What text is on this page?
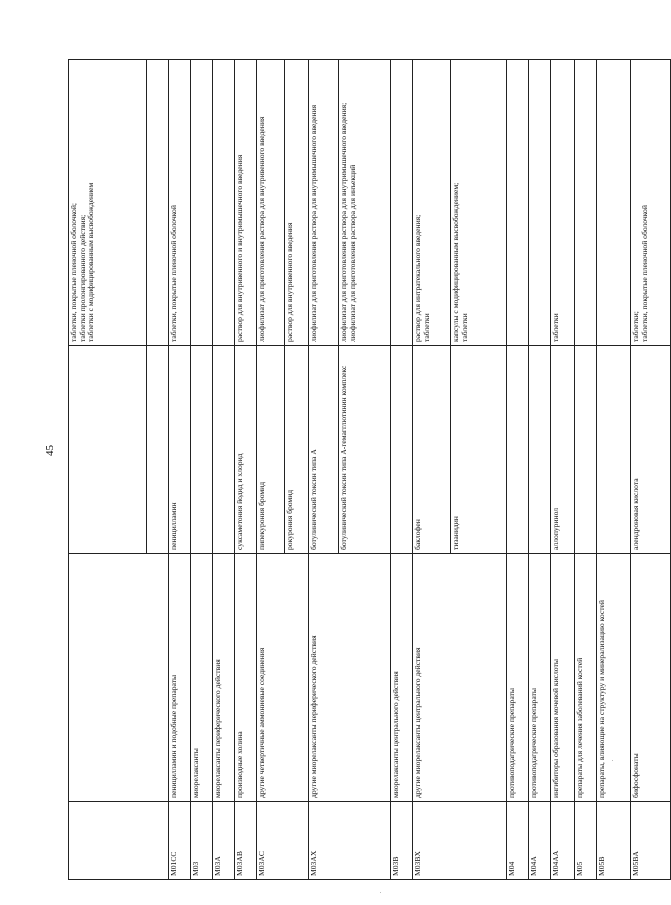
45
			таблетки, покрытые пленочной оболочкой;
таблетки пролонгированного действия;
таблетки с модифицированным высвобождением

M01CC	пеницилламин и подобные препараты	пеницилламин	таблетки, покрытые пленочной оболочкой
M03	миорелаксанты		
M03A	миорелаксанты периферического действия		
M03AB	производные холина	суксаметония йодид и хлорид	раствор для внутривенного и внутримышечного введения
M03AC	другие четвертичные аммониевые соединения	пипекурония бромид	лиофилизат для приготовления раствора для внутривенного введения
		рокурония бромид	раствор для внутривенного введения
M03AX	другие миорелаксанты периферического действия	ботулинический токсин типа А	лиофилизат для приготовления раствора для внутримышечного введения
		ботулинический токсин типа А-гемагглютинин комплекс	лиофилизат для приготовления раствора для внутримышечного введения;
лиофилизат для приготовления раствора для инъекций
M03B	миорелаксанты центрального действия		
M03BX	другие миорелаксанты центрального действия	баклофен	раствор для интратекального введения;
таблетки
		тизанидин	капсулы с модифицированным высвобождением;
таблетки
M04	противоподагрические препараты		
M04A	противоподагрические препараты		
M04AA	ингибиторы образования мочевой кислоты	аллопуринол	таблетки
M05	препараты для лечения заболеваний костей		
M05B	препараты, влияющие на структуру и минерализацию костей		
M05BA	бифосфонаты	алендроновая кислота	таблетки;
таблетки, покрытые пленочной оболочкой
